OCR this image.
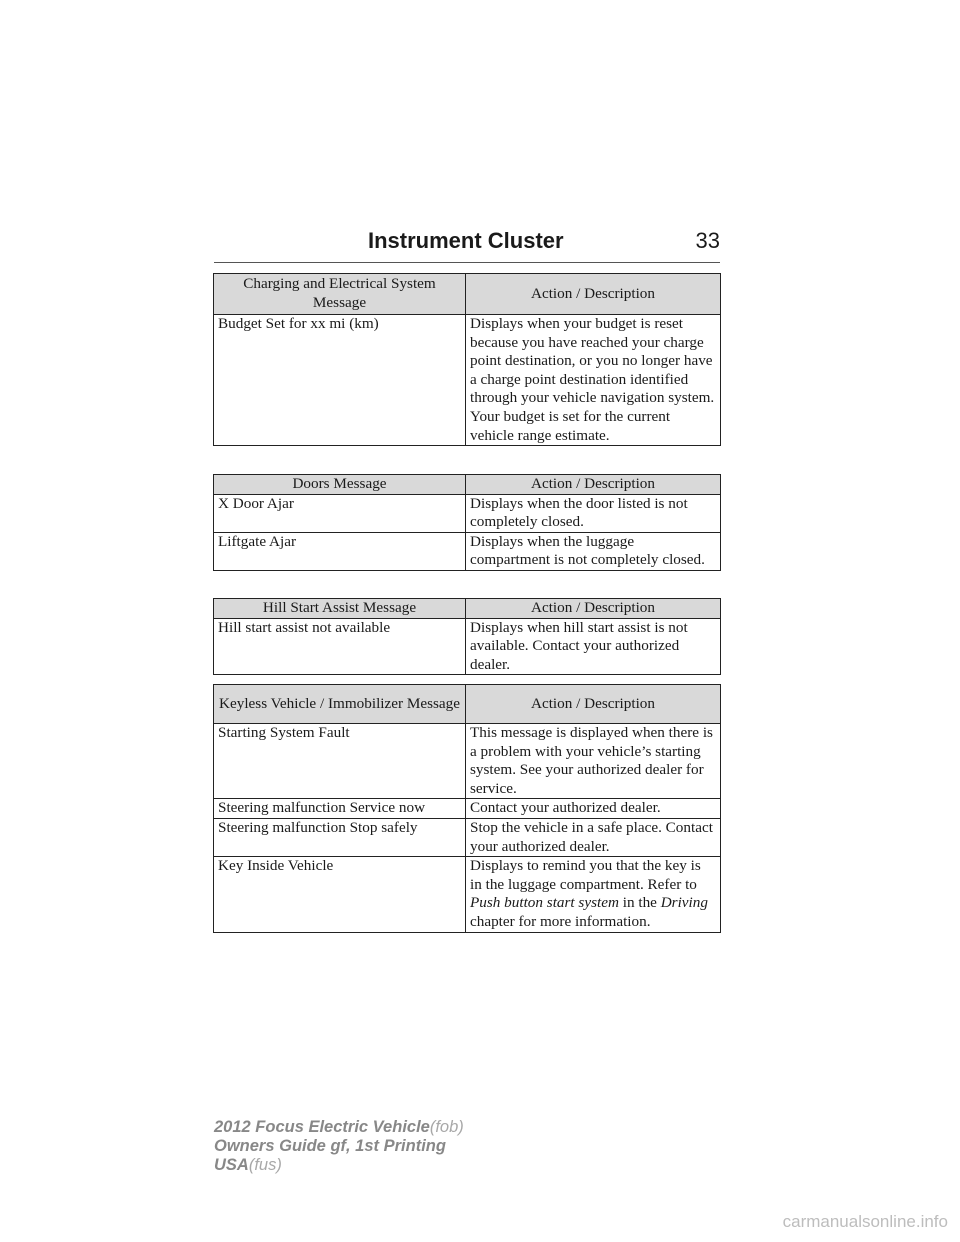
Instrument Cluster	33
Charging and Electrical System Message	Action / Description
Budget Set for xx mi (km)	Displays when your budget is reset because you have reached your charge point destination, or you no longer have a charge point destination identified through your vehicle navigation system. Your budget is set for the current vehicle range estimate.
Doors Message	Action / Description
X Door Ajar	Displays when the door listed is not completely closed.
Liftgate Ajar	Displays when the luggage compartment is not completely closed.
Hill Start Assist Message	Action / Description
Hill start assist not available	Displays when hill start assist is not available. Contact your authorized dealer.
Keyless Vehicle / Immobilizer Message	Action / Description
Starting System Fault	This message is displayed when there is a problem with your vehicle’s starting system. See your authorized dealer for service.
Steering malfunction Service now	Contact your authorized dealer.
Steering malfunction Stop safely	Stop the vehicle in a safe place. Contact your authorized dealer.
Key Inside Vehicle	Displays to remind you that the key is in the luggage compartment. Refer to Push button start system in the Driving chapter for more information.
2012 Focus Electric Vehicle(fob)
Owners Guide gf, 1st Printing
USA(fus)
carmanualsonline.info
